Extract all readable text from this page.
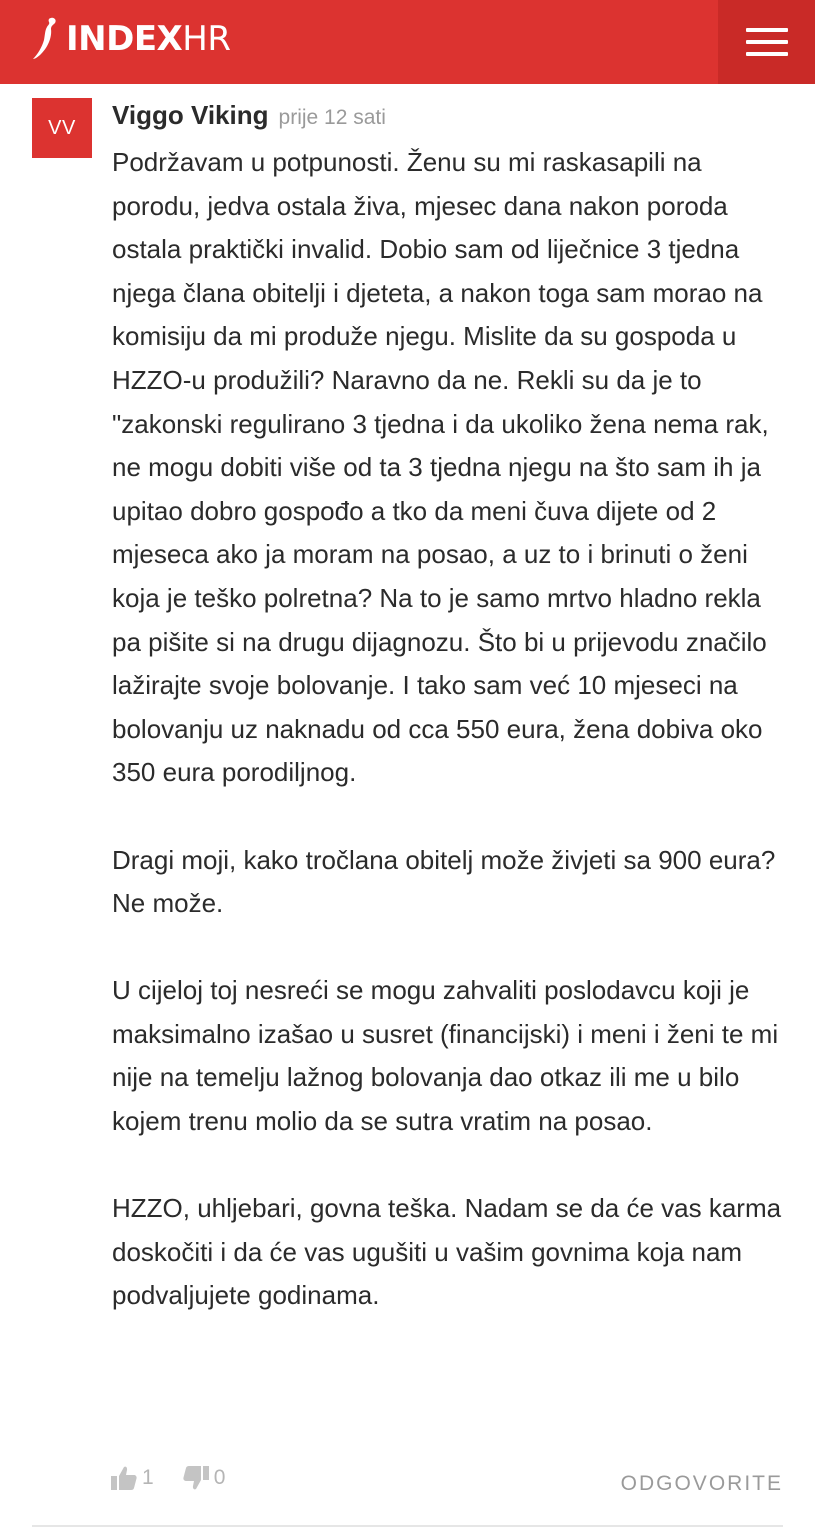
INDEX HR
VV	Viggo Viking prije 12 sati

Podržavam u potpunosti. Ženu su mi raskasapili na porodu, jedva ostala živa, mjesec dana nakon poroda ostala praktički invalid. Dobio sam od liječnice 3 tjedna njega člana obitelji i djeteta, a nakon toga sam morao na komisiju da mi produže njegu. Mislite da su gospoda u HZZO-u produžili? Naravno da ne. Rekli su da je to "zakonski regulirano 3 tjedna i da ukoliko žena nema rak, ne mogu dobiti više od ta 3 tjedna njegu na što sam ih ja upitao dobro gospođo a tko da meni čuva dijete od 2 mjeseca ako ja moram na posao, a uz to i brinuti o ženi koja je teško polretna? Na to je samo mrtvo hladno rekla pa pišite si na drugu dijagnozu. Što bi u prijevodu značilo lažirajte svoje bolovanje. I tako sam već 10 mjeseci na bolovanju uz naknadu od cca 550 eura, žena dobiva oko 350 eura porodiljnog.

Dragi moji, kako tročlana obitelj može živjeti sa 900 eura? Ne može.

U cijeloj toj nesreći se mogu zahvaliti poslodavcu koji je maksimalno izašao u susret (financijski) i meni i ženi te mi nije na temelju lažnog bolovanja dao otkaz ili me u bilo kojem trenu molio da se sutra vratim na posao.

HZZO, uhljebari, govna teška. Nadam se da će vas karma doskočiti i da će vas ugušiti u vašim govnima koja nam podvaljujete godinama.

1	0	ODGOVORITE
